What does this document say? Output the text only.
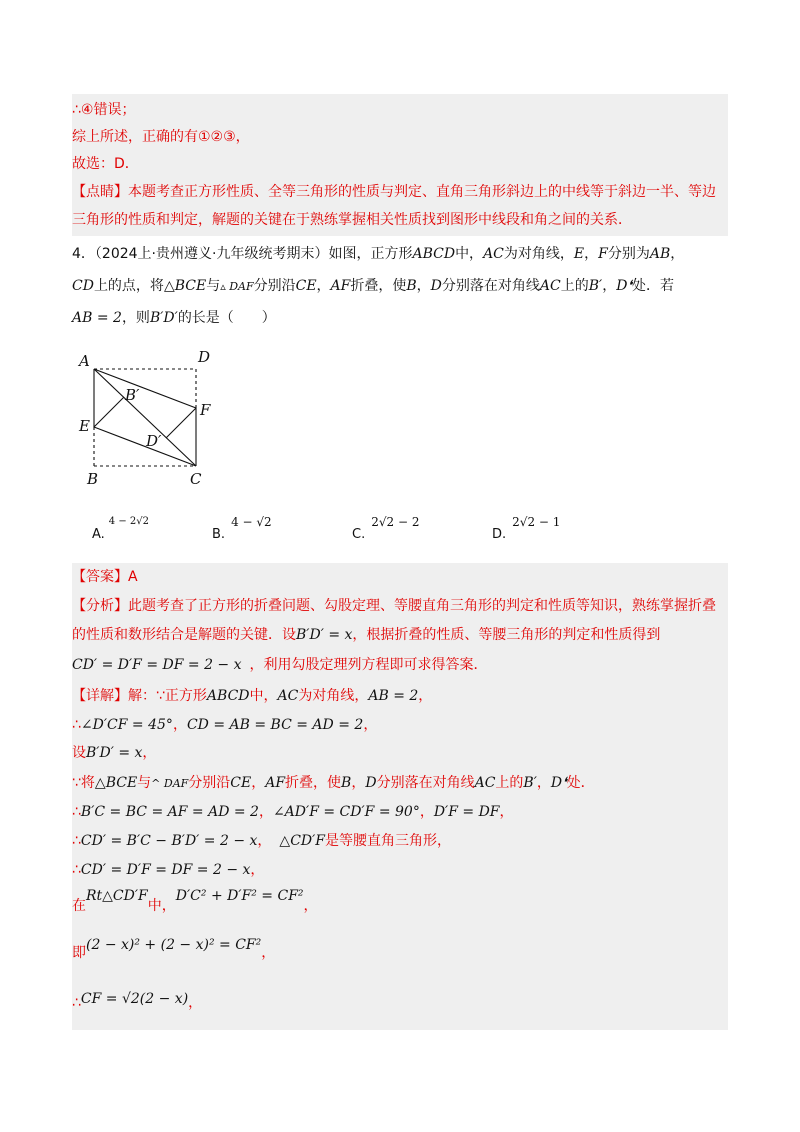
∴④错误；
综上所述，正确的有①②③，
故选：D．
【点睛】本题考查正方形性质、全等三角形的性质与判定、直角三角形斜边上的中线等于斜边一半、等边
三角形的性质和判定，解题的关键在于熟练掌握相关性质找到图形中线段和角之间的关系．
4．（2024上·贵州遵义·九年级统考期末）如图，正方形ABCD中，AC为对角线，E，F分别为AB，
CD上的点，将△BCE与▵ DAF分别沿CE，AF折叠，使B，D分别落在对角线AC上的B′，D❛处．若
AB = 2，则B′D′的长是（　　）
A	D
B	C
E
F
B′
D′
A.$^{4 - 2√2}$
B.4 − √2
C.2√2 − 2
D.2√2 − 1
【答案】A
【分析】此题考查了正方形的折叠问题、勾股定理、等腰直角三角形的判定和性质等知识，熟练掌握折叠
的性质和数形结合是解题的关键．设B′D′ = x，根据折叠的性质、等腰三角形的判定和性质得到
CD′ = D′F = DF = 2 − x ，利用勾股定理列方程即可求得答案．
【详解】解：∵正方形ABCD中，AC为对角线，AB = 2，
∴∠D′CF = 45°，CD = AB = BC = AD = 2，
设B′D′ = x，
∵将△BCE与^ DAF分别沿CE，AF折叠，使B，D分别落在对角线AC上的B′，D❛处．
∴B′C = BC = AF = AD = 2，∠AD′F = CD′F = 90°，D′F = DF，
∴CD′ = B′C − B′D′ = 2 − x， △CD′F是等腰直角三角形，
∴CD′ = D′F = DF = 2 − x，
在Rt△CD′F中，D′C² + D′F² = CF²，
即(2 − x)² + (2 − x)² = CF²，
∴CF = √2(2 − x)，
